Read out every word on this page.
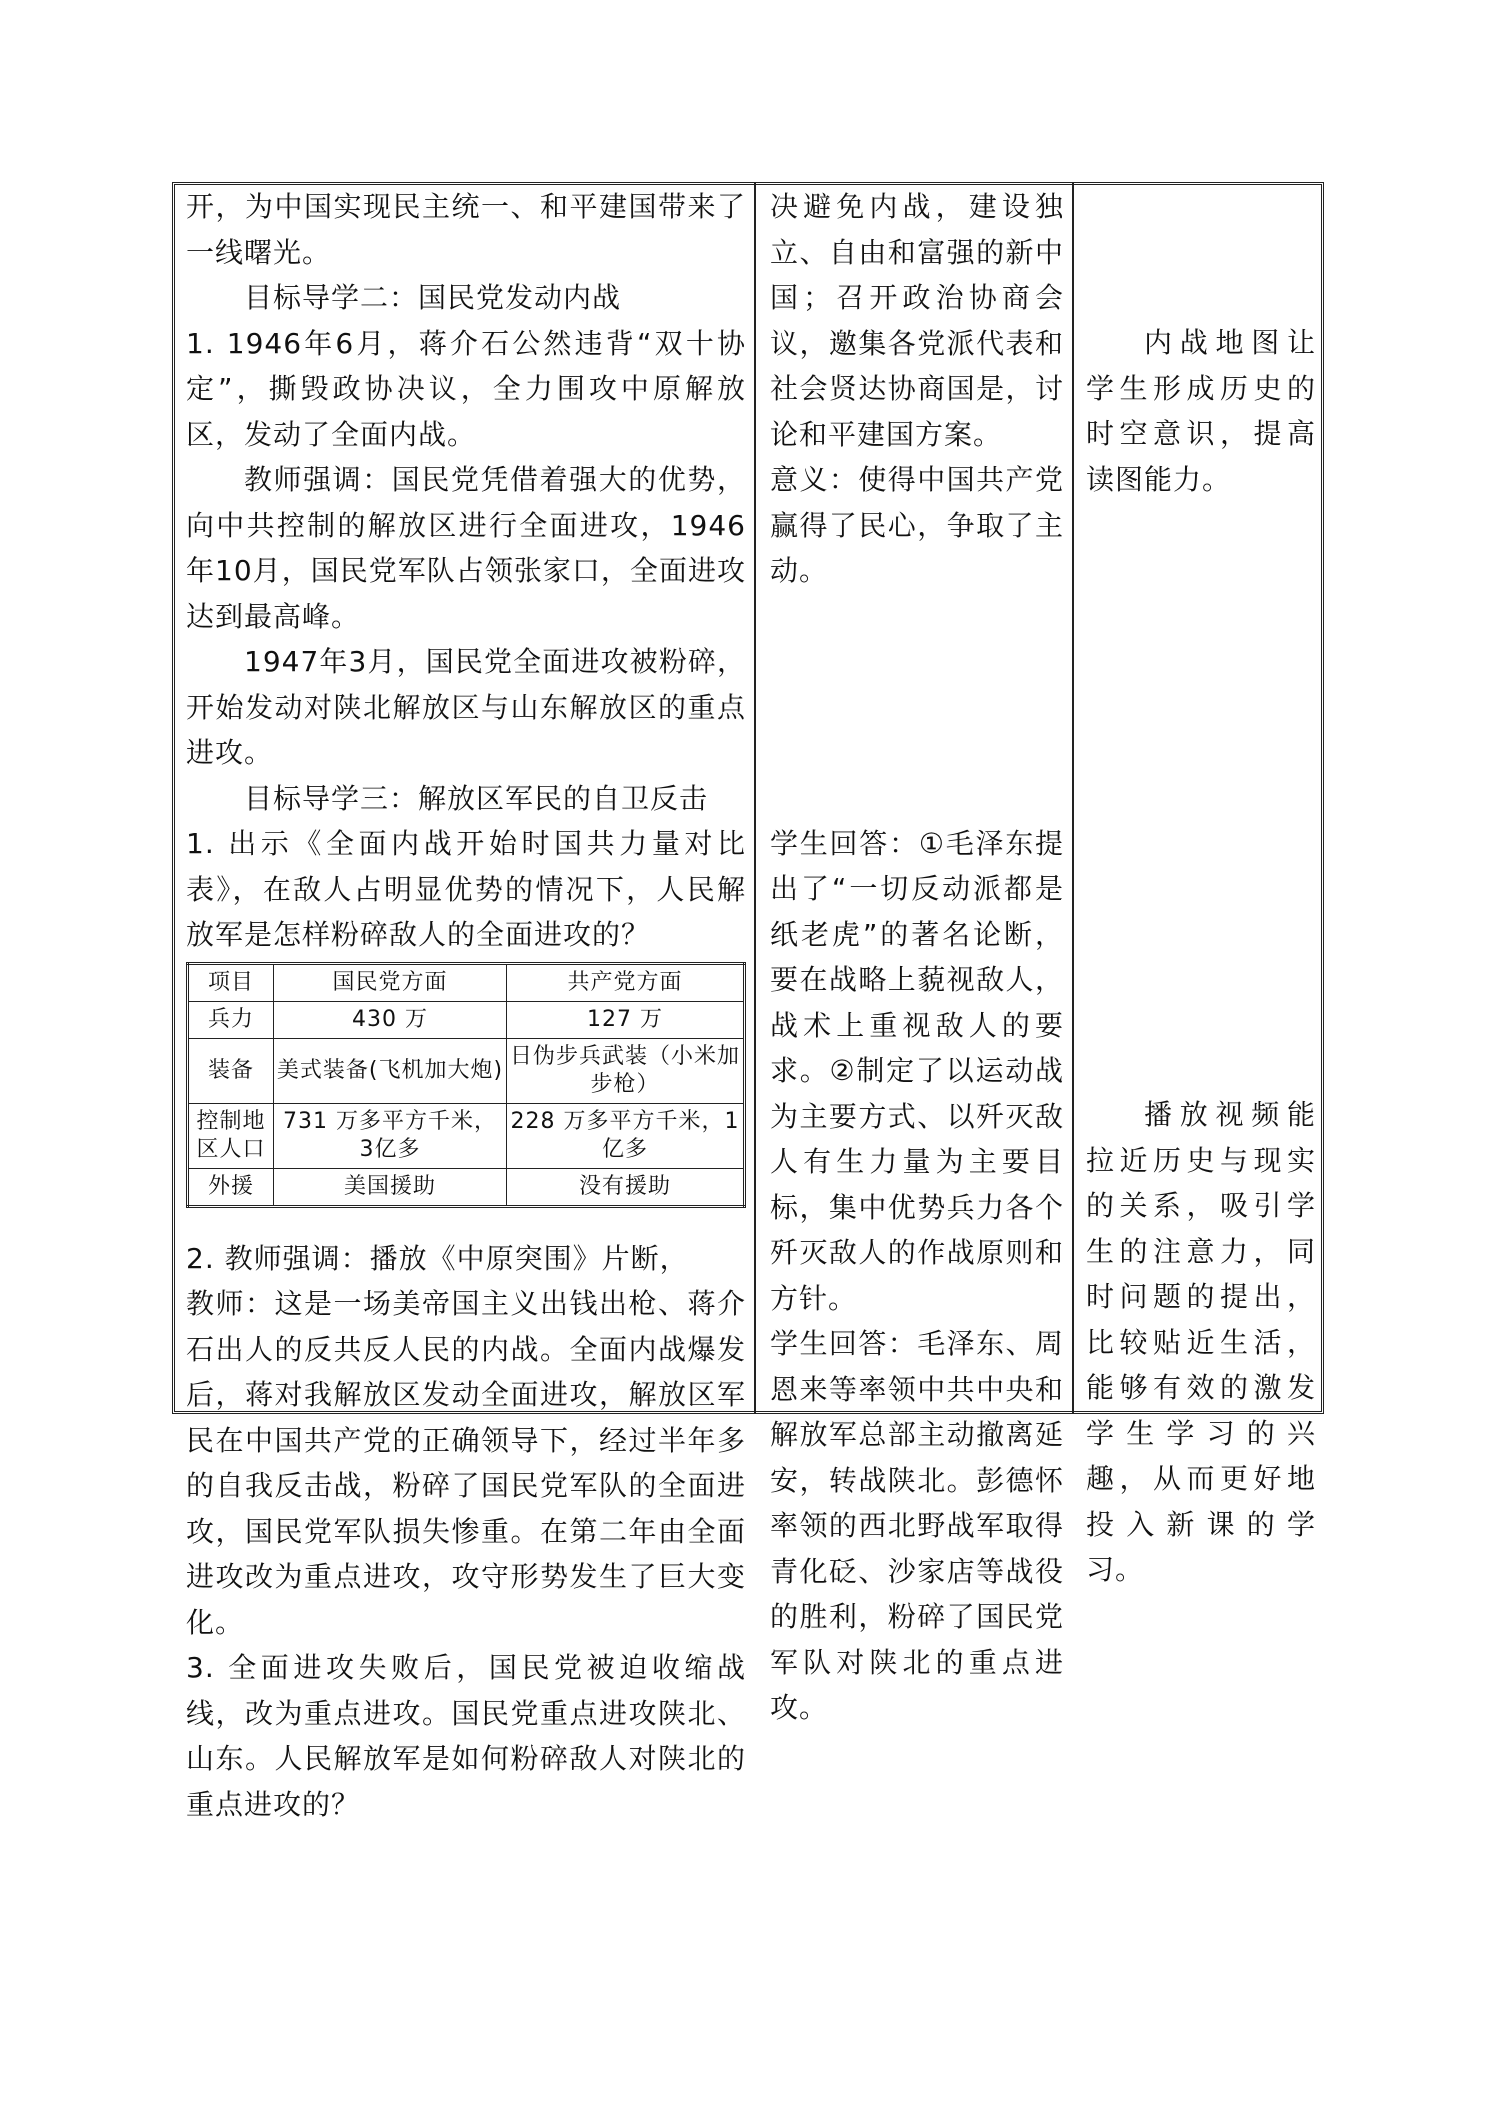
开，为中国实现民主统一、和平建国带来了一线曙光。

目标导学二：国民党发动内战

1. 1946年6月，蒋介石公然违背“双十协定”，撕毁政协决议，全力围攻中原解放区，发动了全面内战。

教师强调：国民党凭借着强大的优势，向中共控制的解放区进行全面进攻，1946年10月，国民党军队占领张家口，全面进攻达到最高峰。

1947年3月，国民党全面进攻被粉碎，开始发动对陕北解放区与山东解放区的重点进攻。

目标导学三：解放区军民的自卫反击

1. 出示《全面内战开始时国共力量对比表》，在敌人占明显优势的情况下，人民解放军是怎样粉碎敌人的全面进攻的？

项目	国民党方面	共产党方面
兵力	430 万	127 万
装备	美式装备(飞机加大炮)	日伪步兵武装（小米加步枪）
控制地区人口	731 万多平方千米，3亿多	228 万多平方千米，1亿多
外援	美国援助	没有援助

2. 教师强调：播放《中原突围》片断，

教师：这是一场美帝国主义出钱出枪、蒋介石出人的反共反人民的内战。全面内战爆发后，蒋对我解放区发动全面进攻，解放区军民在中国共产党的正确领导下，经过半年多的自我反击战，粉碎了国民党军队的全面进攻，国民党军队损失惨重。在第二年由全面进攻改为重点进攻，攻守形势发生了巨大变化。

3. 全面进攻失败后，国民党被迫收缩战线，改为重点进攻。国民党重点进攻陕北、山东。人民解放军是如何粉碎敌人对陕北的重点进攻的？

决避免内战，建设独立、自由和富强的新中国；召开政治协商会议，邀集各党派代表和社会贤达协商国是，讨论和平建国方案。

意义：使得中国共产党赢得了民心，争取了主动。

学生回答：①毛泽东提出了“一切反动派都是纸老虎”的著名论断，要在战略上藐视敌人，战术上重视敌人的要求。②制定了以运动战为主要方式、以歼灭敌人有生力量为主要目标，集中优势兵力各个歼灭敌人的作战原则和方针。

学生回答：毛泽东、周恩来等率领中共中央和解放军总部主动撤离延安，转战陕北。彭德怀率领的西北野战军取得青化砭、沙家店等战役的胜利，粉碎了国民党军队对陕北的重点进攻。

内战地图让学生形成历史的时空意识，提高读图能力。

播放视频能拉近历史与现实的关系，吸引学生的注意力，同时问题的提出，比较贴近生活，能够有效的激发学生学习的兴趣，从而更好地投入新课的学习。
